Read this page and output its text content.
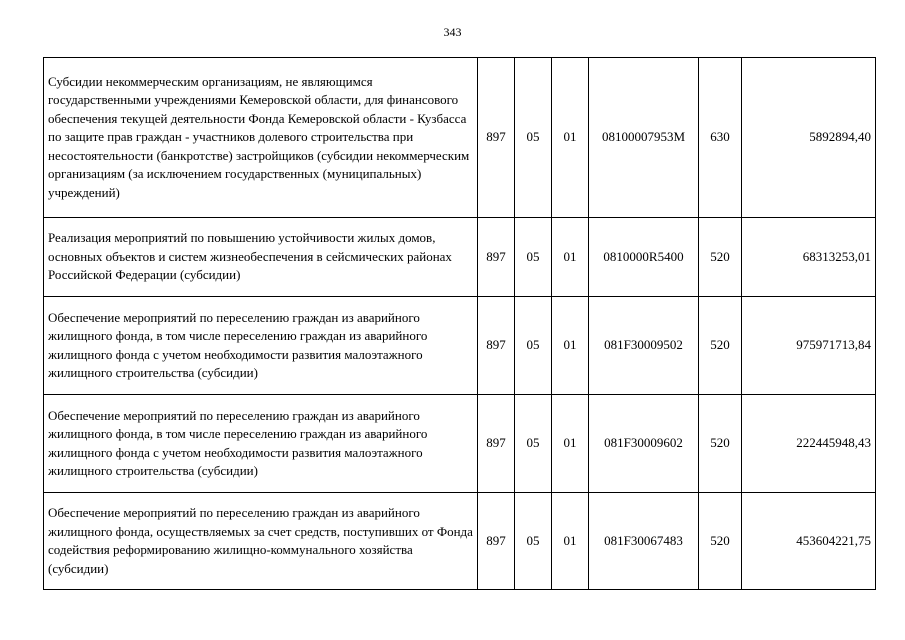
343
Субсидии некоммерческим организациям, не являющимся государственными учреждениями Кемеровской области, для финансового обеспечения текущей деятельности Фонда Кемеровской области - Кузбасса по защите прав граждан - участников долевого строительства при несостоятельности (банкротстве) застройщиков (субсидии некоммерческим организациям (за исключением государственных (муниципальных) учреждений)	897	05	01	08100007953M	630	5892894,40
Реализация мероприятий по повышению устойчивости жилых домов, основных объектов и систем жизнеобеспечения в сейсмических районах Российской Федерации (субсидии)	897	05	01	0810000R5400	520	68313253,01
Обеспечение мероприятий по переселению граждан из аварийного жилищного фонда, в том числе переселению граждан из аварийного жилищного фонда с учетом необходимости развития малоэтажного жилищного строительства (субсидии)	897	05	01	081F30009502	520	975971713,84
Обеспечение мероприятий по переселению граждан из аварийного жилищного фонда, в том числе переселению граждан из аварийного жилищного фонда с учетом необходимости развития малоэтажного жилищного строительства (субсидии)	897	05	01	081F30009602	520	222445948,43
Обеспечение мероприятий по переселению граждан из аварийного жилищного фонда, осуществляемых за счет средств, поступивших от Фонда содействия реформированию жилищно-коммунального хозяйства (субсидии)	897	05	01	081F30067483	520	453604221,75
